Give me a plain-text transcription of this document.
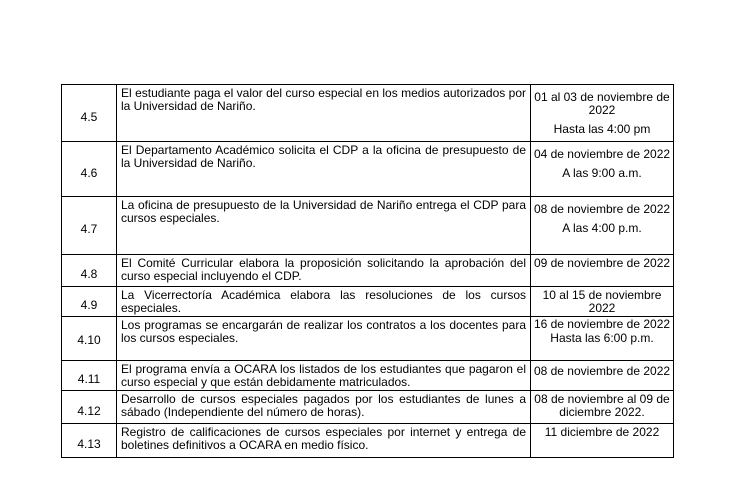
4.5	El estudiante paga el valor del curso especial en los medios autorizados por la Universidad de Nariño.	01 al 03 de noviembre de 2022
Hasta las 4:00 pm

4.6	El Departamento Académico solicita el CDP a la oficina de presupuesto de la Universidad de Nariño.	04 de noviembre de 2022
A las 9:00 a.m.

4.7	La oficina de presupuesto de la Universidad de Nariño entrega el CDP para cursos especiales.	08 de noviembre de 2022
A las 4:00 p.m.

4.8	El Comité Curricular elabora la proposición solicitando la aprobación del curso especial incluyendo el CDP.	09 de noviembre de 2022

4.9	La Vicerrectoría Académica elabora las resoluciones de los cursos especiales.	10 al 15 de noviembre 2022

4.10	Los programas se encargarán de realizar los contratos a los docentes para los cursos especiales.	16 de noviembre de 2022
Hasta las 6:00 p.m.

4.11	El programa envía a OCARA los listados de los estudiantes que pagaron el curso especial y que están debidamente matriculados.	08 de noviembre de 2022

4.12	Desarrollo de cursos especiales pagados por los estudiantes de lunes a sábado (Independiente del número de horas).	08 de noviembre al 09 de diciembre 2022.

4.13	Registro de calificaciones de cursos especiales por internet y entrega de boletines definitivos a OCARA en medio físico.	11 diciembre de 2022
